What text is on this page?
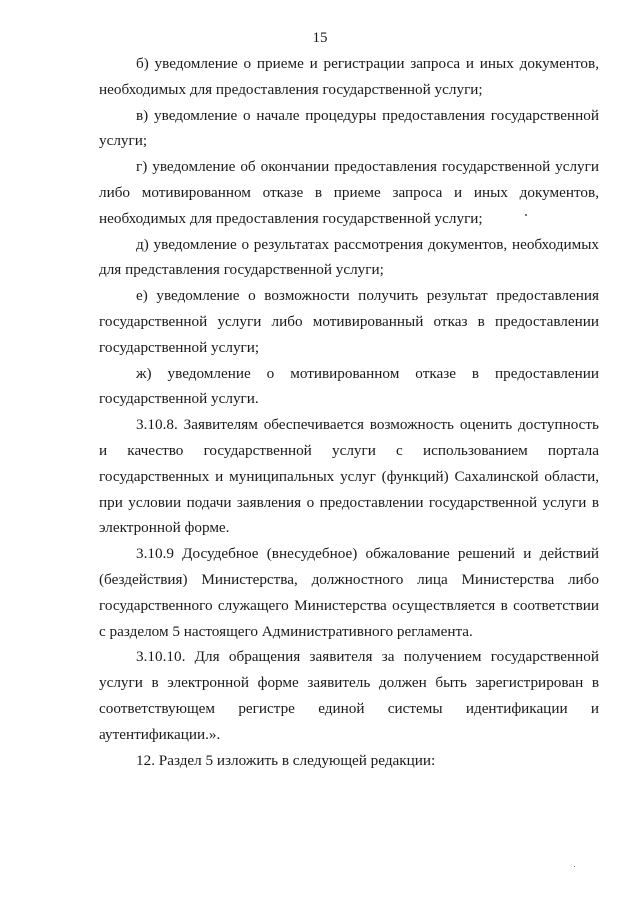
15

б) уведомление о приеме и регистрации запроса и иных документов, необходимых для предоставления государственной услуги;

в) уведомление о начале процедуры предоставления государственной услуги;

г) уведомление об окончании предоставления государственной услуги либо мотивированном отказе в приеме запроса и иных документов, необходимых для предоставления государственной услуги;

д) уведомление о результатах рассмотрения документов, необходимых для представления государственной услуги;

е) уведомление о возможности получить результат предоставления государственной услуги либо мотивированный отказ в предоставлении государственной услуги;

ж) уведомление о мотивированном отказе в предоставлении государственной услуги.

3.10.8. Заявителям обеспечивается возможность оценить доступность и качество государственной услуги с использованием портала государственных и муниципальных услуг (функций) Сахалинской области, при условии подачи заявления о предоставлении государственной услуги в электронной форме.

3.10.9 Досудебное (внесудебное) обжалование решений и действий (бездействия) Министерства, должностного лица Министерства либо государственного служащего Министерства осуществляется в соответствии с разделом 5 настоящего Административного регламента.

3.10.10. Для обращения заявителя за получением государственной услуги в электронной форме заявитель должен быть зарегистрирован в соответствующем регистре единой системы идентификации и аутентификации.».

12. Раздел 5 изложить в следующей редакции:
